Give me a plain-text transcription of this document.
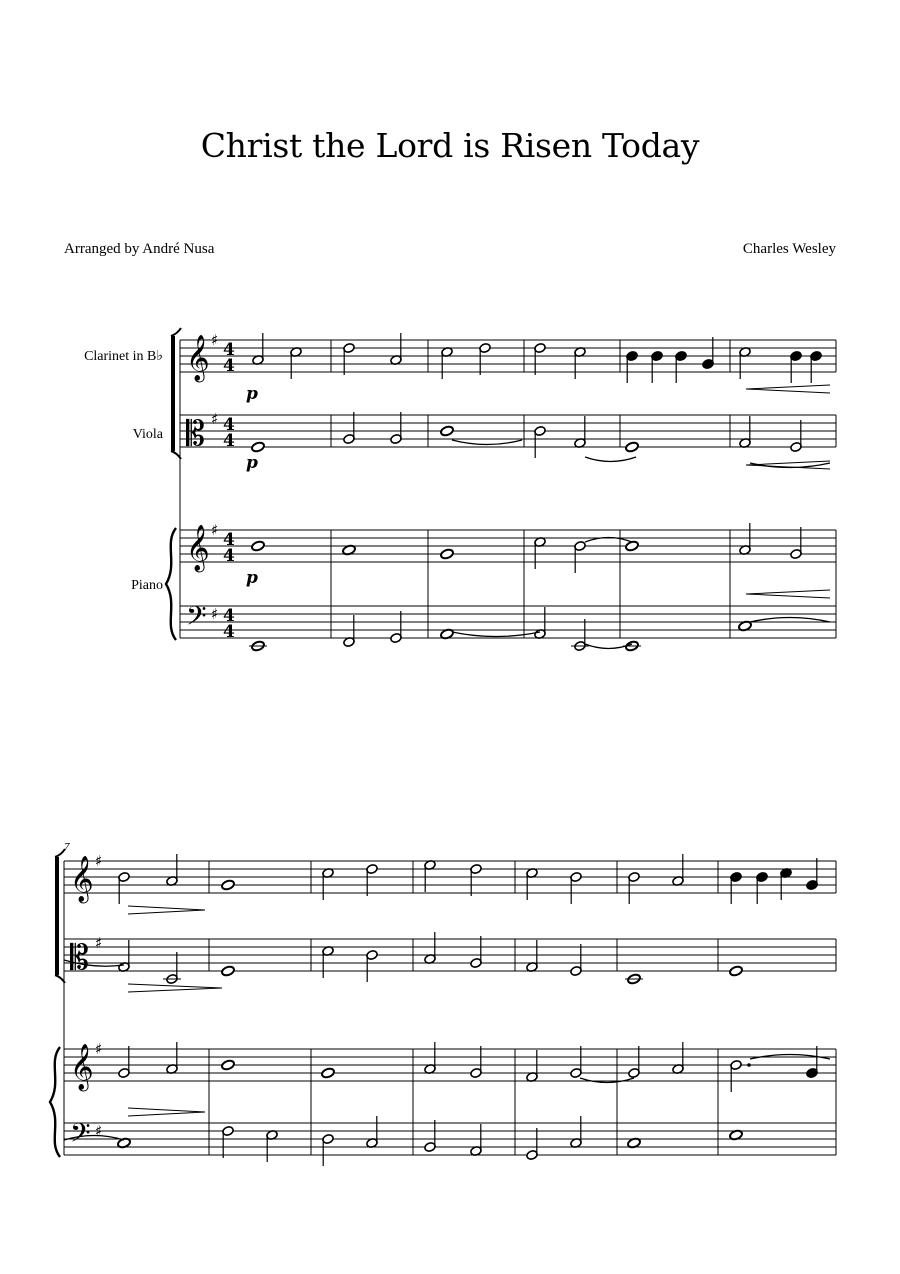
Christ the Lord is Risen Today
Arranged by André Nusa	Charles Wesley
Clarinet in B♭
Viola
Piano
𝄞
𝄡
𝄞
𝄢
𝄞
𝄡
𝄞
𝄢
♯
♯
♯
♯
♯
♯
♯
♯
4
4
4
4
4
4
4
4
p
p
p
7
